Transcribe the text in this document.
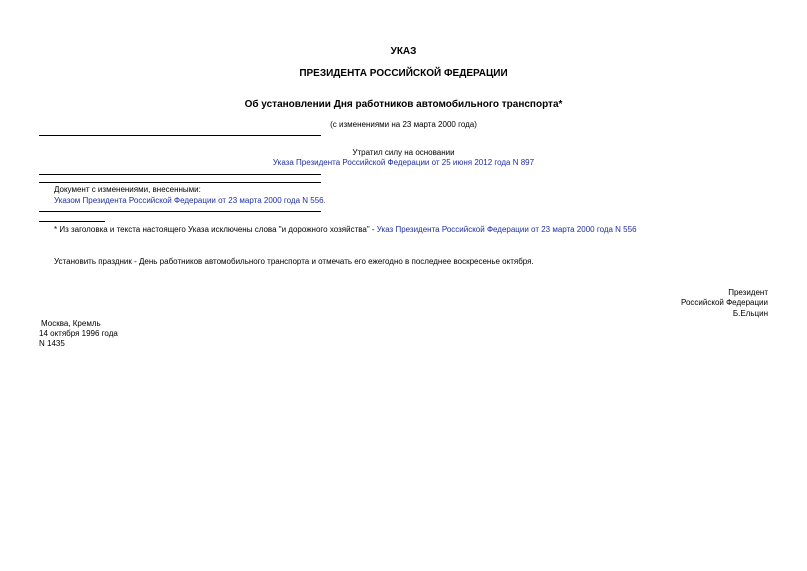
УКАЗ
ПРЕЗИДЕНТА РОССИЙСКОЙ ФЕДЕРАЦИИ
Об установлении Дня работников автомобильного транспорта*
(с изменениями на 23 марта 2000 года)
Утратил силу на основании
Указа Президента Российской Федерации от 25 июня 2012 года N 897
Документ с изменениями, внесенными:
Указом Президента Российской Федерации от 23 марта 2000 года N 556.
* Из заголовка и текста настоящего Указа исключены слова "и дорожного хозяйства" - Указ Президента Российской Федерации от 23 марта 2000 года N 556
Установить праздник - День работников автомобильного транспорта и отмечать его ежегодно в последнее воскресенье октября.
Президент
Российской Федерации
Б.Ельцин
Москва, Кремль
14 октября 1996 года
N 1435
